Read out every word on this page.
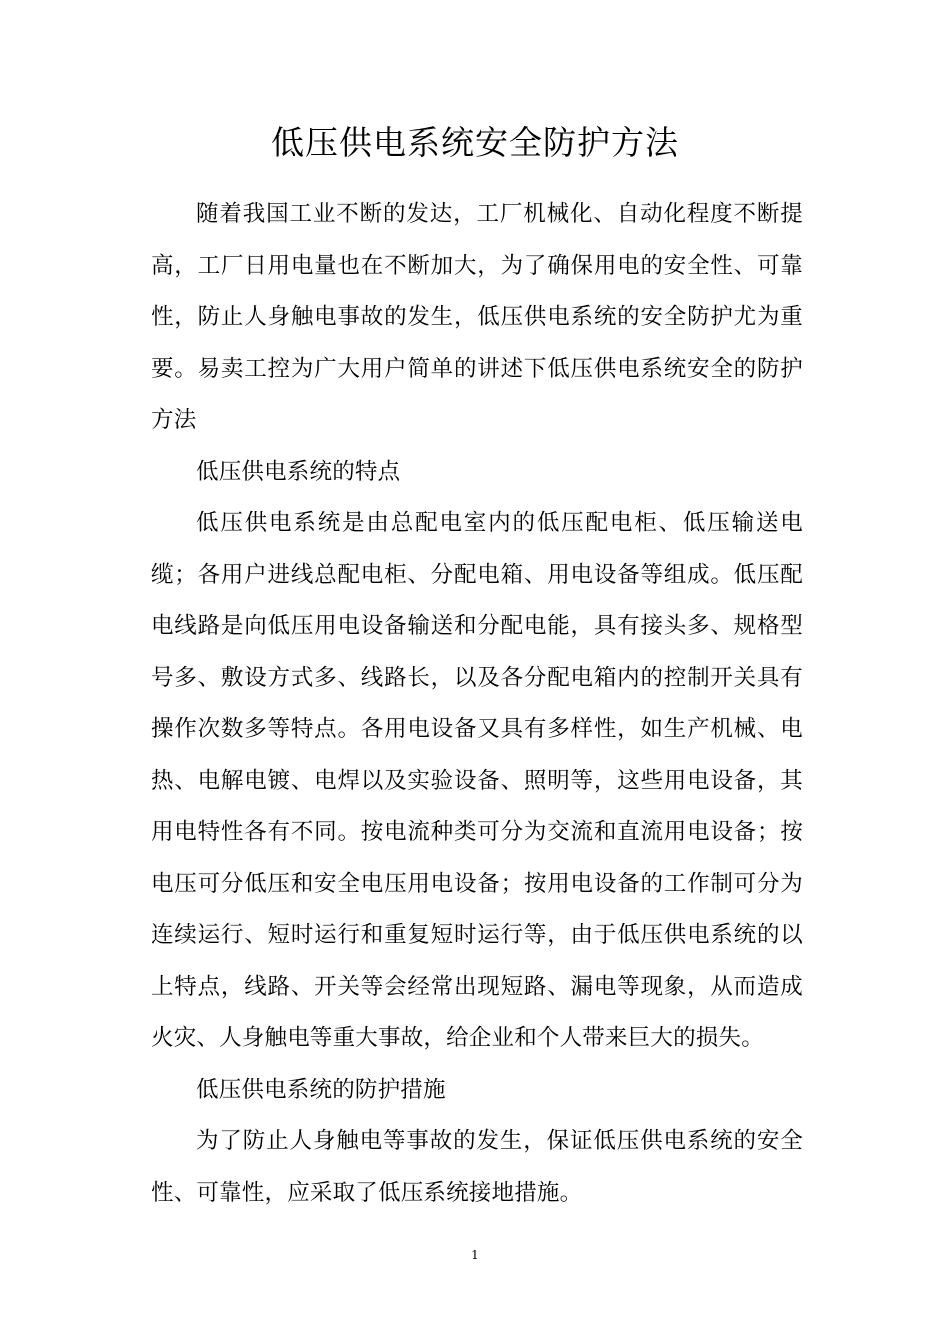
低压供电系统安全防护方法

随着我国工业不断的发达，工厂机械化、自动化程度不断提高，工厂日用电量也在不断加大，为了确保用电的安全性、可靠性，防止人身触电事故的发生，低压供电系统的安全防护尤为重要。易卖工控为广大用户简单的讲述下低压供电系统安全的防护方法

低压供电系统的特点

低压供电系统是由总配电室内的低压配电柜、低压输送电缆；各用户进线总配电柜、分配电箱、用电设备等组成。低压配电线路是向低压用电设备输送和分配电能，具有接头多、规格型号多、敷设方式多、线路长，以及各分配电箱内的控制开关具有操作次数多等特点。各用电设备又具有多样性，如生产机械、电热、电解电镀、电焊以及实验设备、照明等，这些用电设备，其用电特性各有不同。按电流种类可分为交流和直流用电设备；按电压可分低压和安全电压用电设备；按用电设备的工作制可分为连续运行、短时运行和重复短时运行等，由于低压供电系统的以上特点，线路、开关等会经常出现短路、漏电等现象，从而造成火灾、人身触电等重大事故，给企业和个人带来巨大的损失。

低压供电系统的防护措施

为了防止人身触电等事故的发生，保证低压供电系统的安全性、可靠性，应采取了低压系统接地措施。

1
